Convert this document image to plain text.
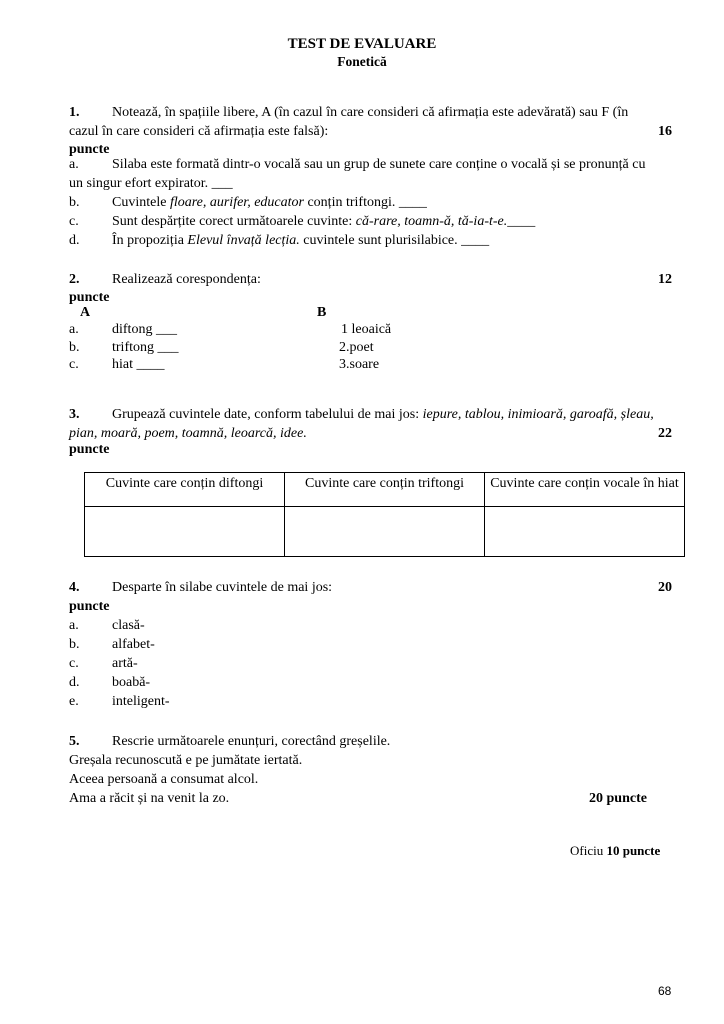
TEST DE EVALUARE
Fonetică
1. Notează, în spațiile libere, A (în cazul în care consideri că afirmația este adevărată) sau F (în
cazul în care consideri că afirmația este falsă):	16
puncte
a. Silaba este formată dintr-o vocală sau un grup de sunete care conține o vocală și se pronunță cu
un singur efort expirator. ___
b. Cuvintele floare, aurifer, educator conțin triftongi. ____
c. Sunt despărțite corect următoarele cuvinte: că-rare, toamn-ă, tă-ia-t-e.____
d. În propoziția Elevul învață lecția. cuvintele sunt plurisilabice. ____
2. Realizează corespondența:	12
puncte
A	B
a. diftong ___	1 leoaică
b. triftong ___	2.poet
c. hiat ____	3.soare
3. Grupează cuvintele date, conform tabelului de mai jos: iepure, tablou, inimioară, garoafă, șleau,
pian, moară, poem, toamnă, leoarcă, idee.	22
puncte
Cuvinte care conțin diftongi	Cuvinte care conțin triftongi	Cuvinte care conțin vocale în hiat

4. Desparte în silabe cuvintele de mai jos:	20
puncte
a. clasă-
b. alfabet-
c. artă-
d. boabă-
e. inteligent-
5. Rescrie următoarele enunțuri, corectând greșelile.
Greșala recunoscută e pe jumătate iertată.
Aceea persoană a consumat alcol.
Ama a răcit și na venit la zo.	20 puncte
Oficiu 10 puncte
68
